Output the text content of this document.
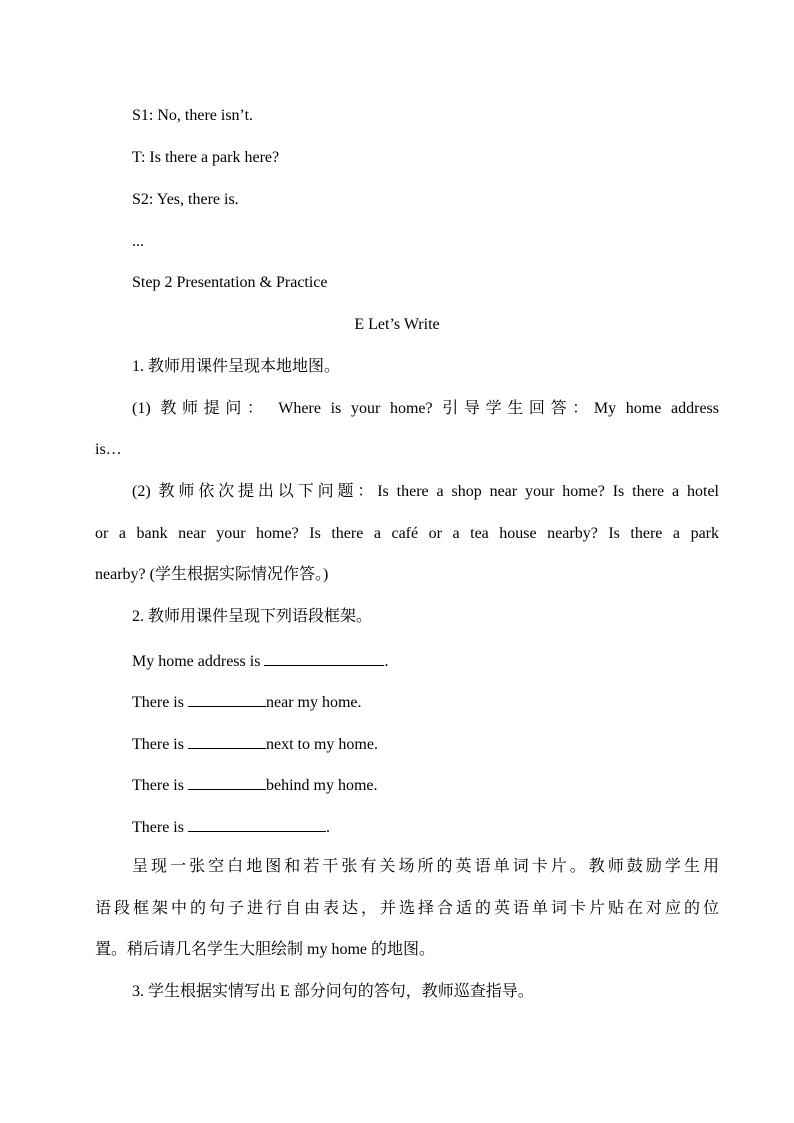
S1: No, there isn’t.
T: Is there a park here?
S2: Yes, there is.
...
Step 2 Presentation & Practice
E Let’s Write
1. 教师用课件呈现本地地图。
(1) 教师提问： Where is your home? 引导学生回答：My home address
is…
(2) 教师依次提出以下问题：Is there a shop near your home? Is there a hotel
or a bank near your home? Is there a café or a tea house nearby? Is there a park
nearby? (学生根据实际情况作答。)
2. 教师用课件呈现下列语段框架。
My home address is	.
There is	near my home.
There is	next to my home.
There is	behind my home.
There is	.
呈现一张空白地图和若干张有关场所的英语单词卡片。教师鼓励学生用
语段框架中的句子进行自由表达，并选择合适的英语单词卡片贴在对应的位
置。稍后请几名学生大胆绘制 my home 的地图。
3. 学生根据实情写出 E 部分问句的答句，教师巡查指导。
